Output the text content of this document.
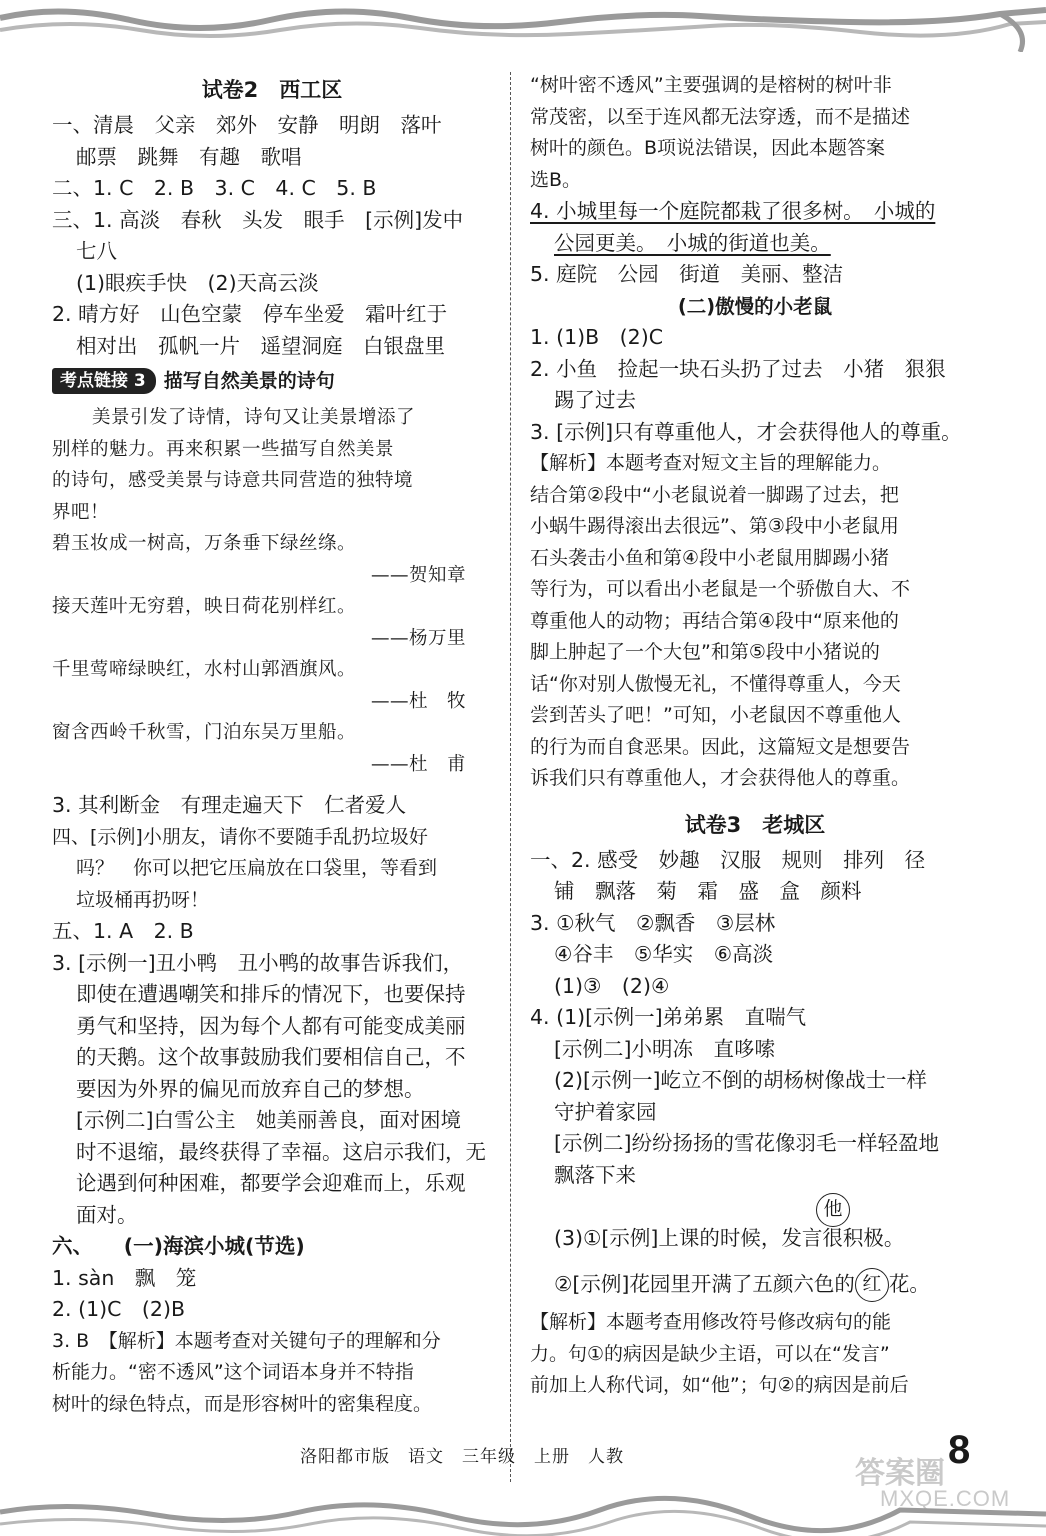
试卷2　西工区
一、清晨　父亲　郊外　安静　明朗　落叶
邮票　跳舞　有趣　歌唱
二、1. C　2. B　3. C　4. C　5. B
三、1. 高淡　春秋　头发　眼手　[示例]发中
七八
(1)眼疾手快　(2)天高云淡
2. 晴方好　山色空蒙　停车坐爱　霜叶红于
相对出　孤帆一片　遥望洞庭　白银盘里
考点链接 3 描写自然美景的诗句
美景引发了诗情，诗句又让美景增添了
别样的魅力。再来积累一些描写自然美景
的诗句，感受美景与诗意共同营造的独特境
界吧！
碧玉妆成一树高，万条垂下绿丝绦。
——贺知章
接天莲叶无穷碧，映日荷花别样红。
——杨万里
千里莺啼绿映红，水村山郭酒旗风。
——杜　牧
窗含西岭千秋雪，门泊东吴万里船。
——杜　甫
3. 其利断金　有理走遍天下　仁者爱人
四、[示例]小朋友，请你不要随手乱扔垃圾好
吗？　你可以把它压扁放在口袋里，等看到
垃圾桶再扔呀！
五、1. A　2. B
3. [示例一]丑小鸭　丑小鸭的故事告诉我们，
即使在遭遇嘲笑和排斥的情况下，也要保持
勇气和坚持，因为每个人都有可能变成美丽
的天鹅。这个故事鼓励我们要相信自己，不
要因为外界的偏见而放弃自己的梦想。
[示例二]白雪公主　她美丽善良，面对困境
时不退缩，最终获得了幸福。这启示我们，无
论遇到何种困难，都要学会迎难而上，乐观
面对。
六、　　(一)海滨小城(节选)
1. sàn　飘　笼
2. (1)C　(2)B
3. B　【解析】本题考查对关键句子的理解和分
析能力。“密不透风”这个词语本身并不特指
树叶的绿色特点，而是形容树叶的密集程度。
“树叶密不透风”主要强调的是榕树的树叶非
常茂密，以至于连风都无法穿透，而不是描述
树叶的颜色。B项说法错误，因此本题答案
选B。
4. 小城里每一个庭院都栽了很多树。　小城的
公园更美。　小城的街道也美。
5. 庭院　公园　街道　美丽、整洁
(二)傲慢的小老鼠
1. (1)B　(2)C
2. 小鱼　捡起一块石头扔了过去　小猪　狠狠
踢了过去
3. [示例]只有尊重他人，才会获得他人的尊重。
【解析】本题考查对短文主旨的理解能力。
结合第②段中“小老鼠说着一脚踢了过去，把
小蜗牛踢得滚出去很远”、第③段中小老鼠用
石头袭击小鱼和第④段中小老鼠用脚踢小猪
等行为，可以看出小老鼠是一个骄傲自大、不
尊重他人的动物；再结合第④段中“原来他的
脚上肿起了一个大包”和第⑤段中小猪说的
话“你对别人傲慢无礼，不懂得尊重人，今天
尝到苦头了吧！”可知，小老鼠因不尊重他人
的行为而自食恶果。因此，这篇短文是想要告
诉我们只有尊重他人，才会获得他人的尊重。
试卷3　老城区
一、2. 感受　妙趣　汉服　规则　排列　径
铺　飘落　菊　霜　盛　盒　颜料
3. ①秋气　②飘香　③层林
④谷丰　⑤华实　⑥高淡
(1)③　(2)④
4. (1)[示例一]弟弟累　直喘气
[示例二]小明冻　直哆嗦
(2)[示例一]屹立不倒的胡杨树像战士一样
守护着家园
[示例二]纷纷扬扬的雪花像羽毛一样轻盈地
飘落下来
他
(3)①[示例]上课的时候，发言很积极。
②[示例]花园里开满了五颜六色的 红 花。
【解析】本题考查用修改符号修改病句的能
力。句①的病因是缺少主语，可以在“发言”
前加上人称代词，如“他”；句②的病因是前后
洛阳都市版　语文　三年级　上册　人教	8
答案圈
MXQE.COM
